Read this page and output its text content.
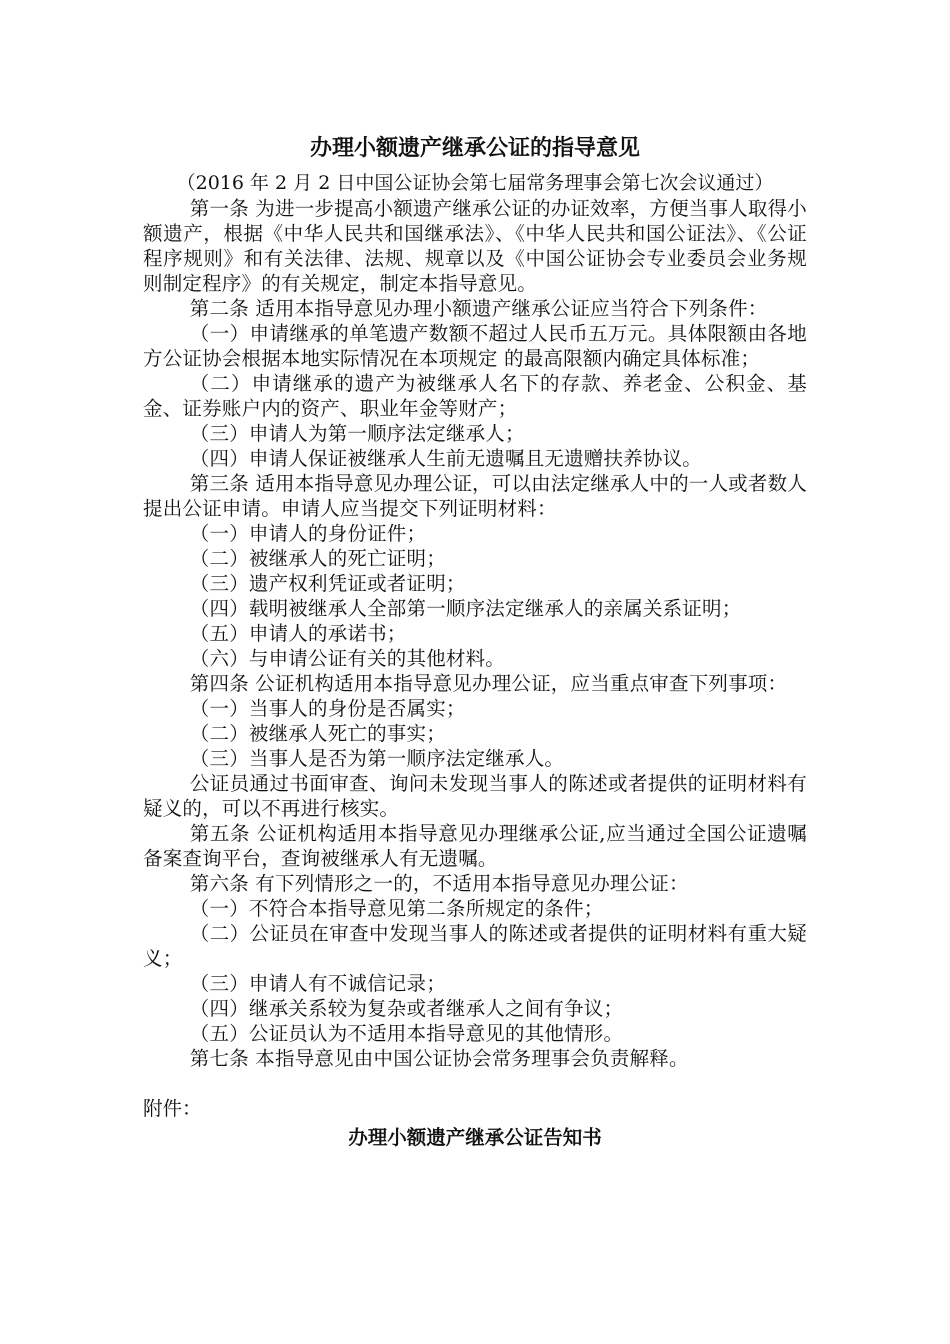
办理小额遗产继承公证的指导意见

（2016 年 2 月 2 日中国公证协会第七届常务理事会第七次会议通过）

第一条 为进一步提高小额遗产继承公证的办证效率，方便当事人取得小额遗产，根据《中华人民共和国继承法》、《中华人民共和国公证法》、《公证程序规则》和有关法律、法规、规章以及《中国公证协会专业委员会业务规则制定程序》的有关规定，制定本指导意见。

第二条 适用本指导意见办理小额遗产继承公证应当符合下列条件：

（一）申请继承的单笔遗产数额不超过人民币五万元。具体限额由各地方公证协会根据本地实际情况在本项规定 的最高限额内确定具体标准；

（二）申请继承的遗产为被继承人名下的存款、养老金、公积金、基金、证券账户内的资产、职业年金等财产；

（三）申请人为第一顺序法定继承人；

（四）申请人保证被继承人生前无遗嘱且无遗赠扶养协议。

第三条 适用本指导意见办理公证，可以由法定继承人中的一人或者数人提出公证申请。申请人应当提交下列证明材料：

（一）申请人的身份证件；

（二）被继承人的死亡证明；

（三）遗产权利凭证或者证明；

（四）载明被继承人全部第一顺序法定继承人的亲属关系证明；

（五）申请人的承诺书；

（六）与申请公证有关的其他材料。

第四条 公证机构适用本指导意见办理公证，应当重点审查下列事项：

（一）当事人的身份是否属实；

（二）被继承人死亡的事实；

（三）当事人是否为第一顺序法定继承人。

公证员通过书面审查、询问未发现当事人的陈述或者提供的证明材料有疑义的，可以不再进行核实。

第五条 公证机构适用本指导意见办理继承公证,应当通过全国公证遗嘱备案查询平台，查询被继承人有无遗嘱。

第六条 有下列情形之一的，不适用本指导意见办理公证：

（一）不符合本指导意见第二条所规定的条件；

（二）公证员在审查中发现当事人的陈述或者提供的证明材料有重大疑义；

（三）申请人有不诚信记录；

（四）继承关系较为复杂或者继承人之间有争议；

（五）公证员认为不适用本指导意见的其他情形。

第七条 本指导意见由中国公证协会常务理事会负责解释。

附件：

办理小额遗产继承公证告知书
